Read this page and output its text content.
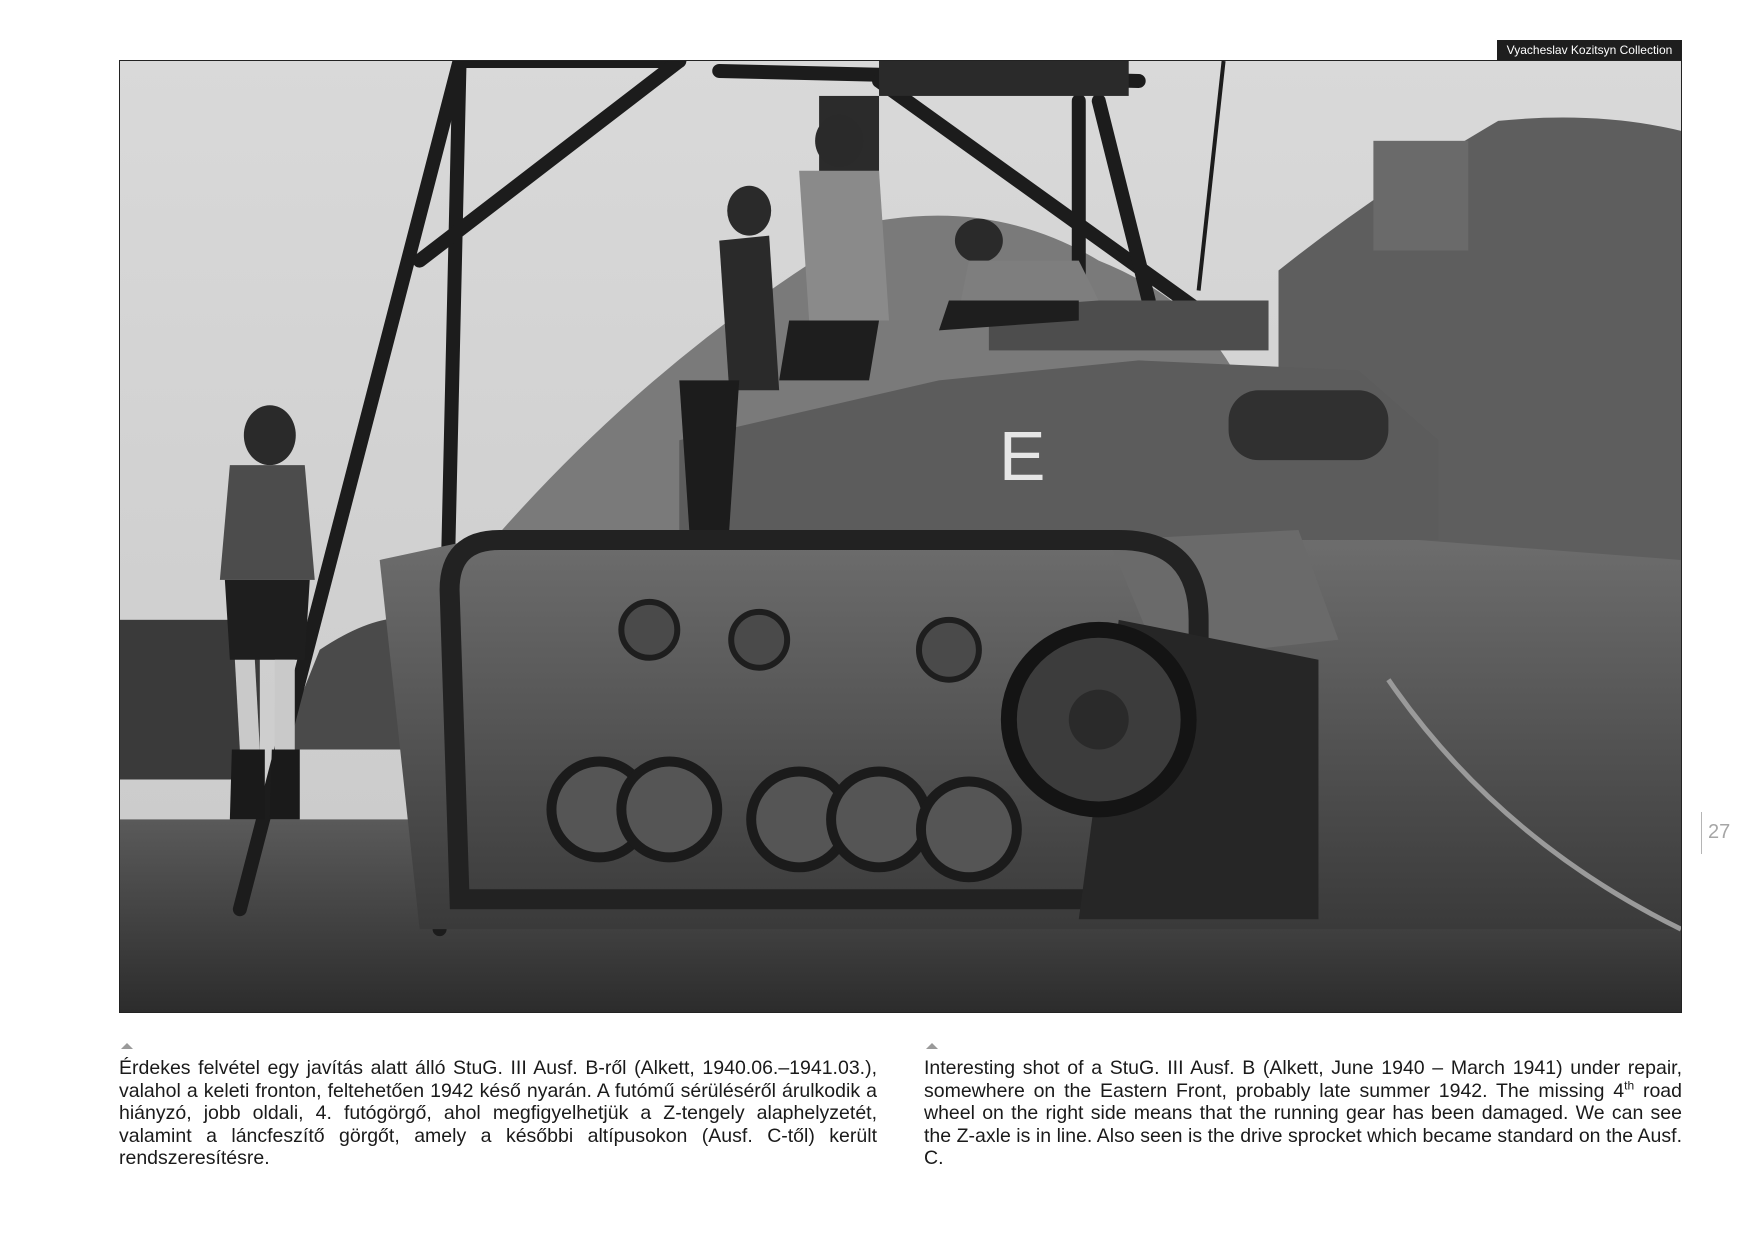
Vyacheslav Kozitsyn Collection
E
27

Érdekes felvétel egy javítás alatt álló StuG. III Ausf. B-ről (Alkett, 1940.06.–1941.03.), valahol a keleti fronton, feltehetően 1942 késő nyarán. A futómű sérüléséről árulkodik a hiányzó, jobb oldali, 4. futógörgő, ahol megfigyelhetjük a Z-tengely alaphelyzetét, valamint a láncfeszítő görgőt, amely a későbbi altípusokon (Ausf. C-től) került rendszeresítésre.

Interesting shot of a StuG. III Ausf. B (Alkett, June 1940 – March 1941) under repair, somewhere on the Eastern Front, probably late summer 1942. The missing 4th road wheel on the right side means that the running gear has been damaged. We can see the Z-axle is in line. Also seen is the drive sprocket which became standard on the Ausf. C.
